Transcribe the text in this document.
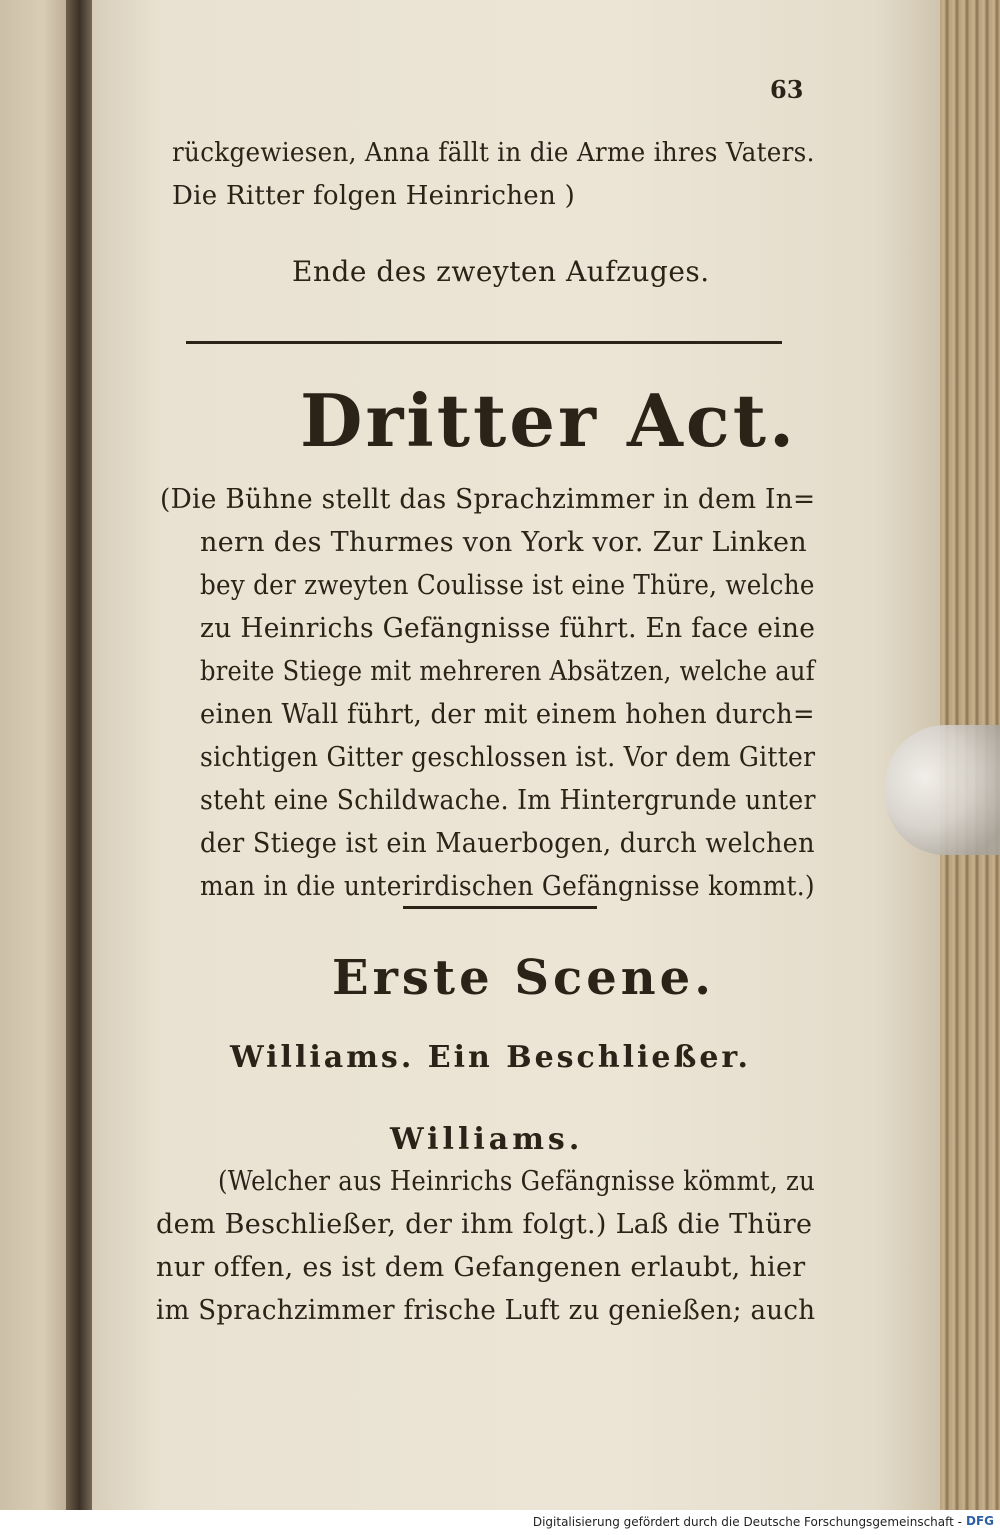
63
rückgewiesen, Anna fällt in die Arme ihres Vaters.
Die Ritter folgen Heinrichen )
Ende des zweyten Aufzuges.
Dritter Act.
(Die Bühne stellt das Sprachzimmer in dem In=
nern des Thurmes von York vor. Zur Linken
bey der zweyten Coulisse ist eine Thüre, welche
zu Heinrichs Gefängnisse führt. En face eine
breite Stiege mit mehreren Absätzen, welche auf
einen Wall führt, der mit einem hohen durch=
sichtigen Gitter geschlossen ist. Vor dem Gitter
steht eine Schildwache. Im Hintergrunde unter
der Stiege ist ein Mauerbogen, durch welchen
man in die unterirdischen Gefängnisse kommt.)
Erste Scene.
Williams. Ein Beschließer.
Williams.
(Welcher aus Heinrichs Gefängnisse kömmt, zu
dem Beschließer, der ihm folgt.) Laß die Thüre
nur offen, es ist dem Gefangenen erlaubt, hier
im Sprachzimmer frische Luft zu genießen; auch
Digitalisierung gefördert durch die Deutsche Forschungsgemeinschaft - DFG
